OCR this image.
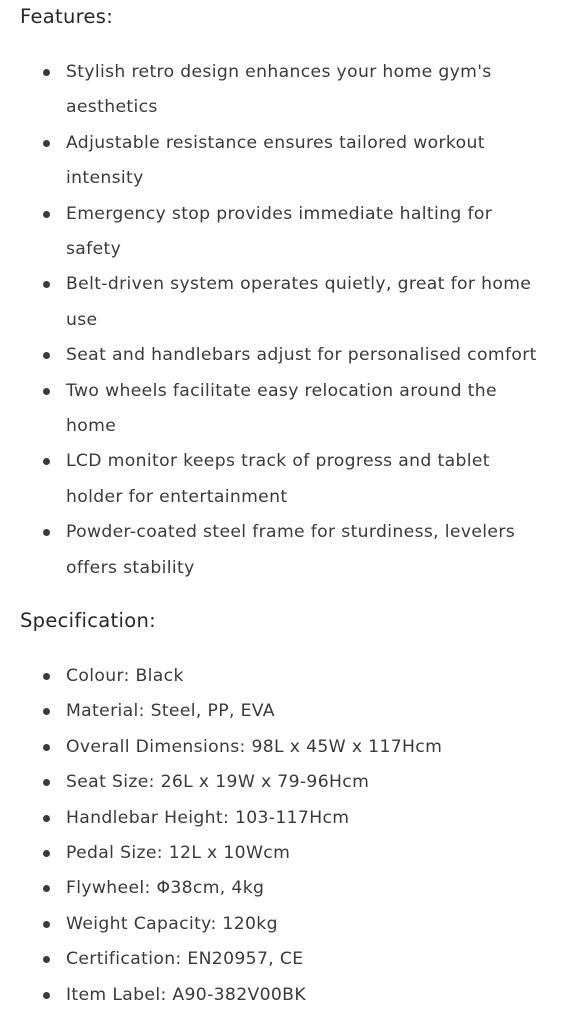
Features:
Stylish retro design enhances your home gym's aesthetics
Adjustable resistance ensures tailored workout intensity
Emergency stop provides immediate halting for safety
Belt-driven system operates quietly, great for home use
Seat and handlebars adjust for personalised comfort
Two wheels facilitate easy relocation around the home
LCD monitor keeps track of progress and tablet holder for entertainment
Powder-coated steel frame for sturdiness, levelers offers stability
Specification:
Colour: Black
Material: Steel, PP, EVA
Overall Dimensions: 98L x 45W x 117Hcm
Seat Size: 26L x 19W x 79-96Hcm
Handlebar Height: 103-117Hcm
Pedal Size: 12L x 10Wcm
Flywheel: Φ38cm, 4kg
Weight Capacity: 120kg
Certification: EN20957, CE
Item Label: A90-382V00BK
